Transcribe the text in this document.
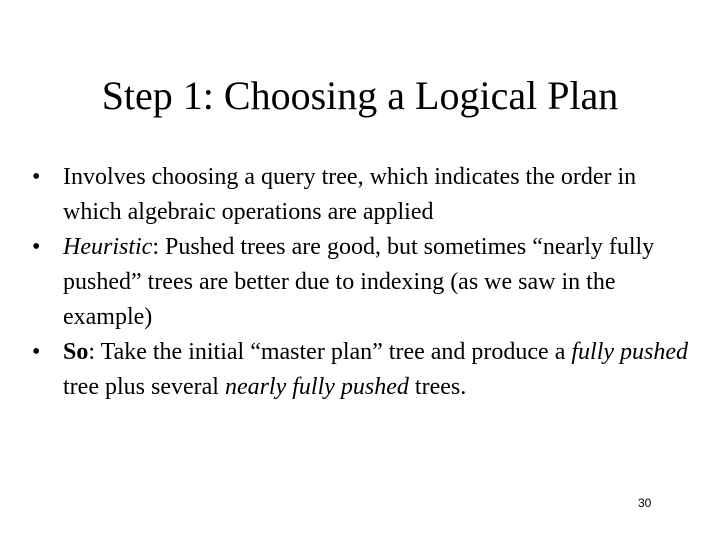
Step 1: Choosing a Logical Plan
• Involves choosing a query tree, which indicates the order in which algebraic operations are applied
• Heuristic: Pushed trees are good, but sometimes “nearly fully pushed” trees are better due to indexing (as we saw in the example)
• So: Take the initial “master plan” tree and produce a fully pushed tree plus several nearly fully pushed trees.
30
